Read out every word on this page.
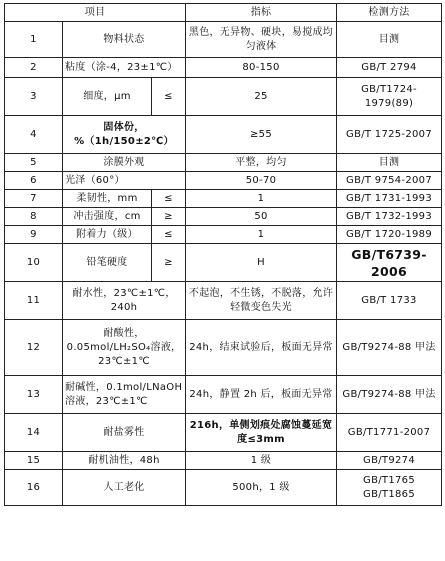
项目			指标	检测方法
1	物料状态		黑色，无异物、硬块，易搅成均匀液体	目测
2	粘度（涂-4，23±1℃）		80-150	GB/T 2794
3	细度，μm	≤	25	GB/T1724-1979(89)
4	固体份，%（1h/150±2℃）		≥55	GB/T 1725-2007
5	涂膜外观		平整，均匀	目测
6	光泽（60°）		50-70	GB/T 9754-2007
7	柔韧性，mm	≤	1	GB/T 1731-1993
8	冲击强度，cm	≥	50	GB/T 1732-1993
9	附着力（级）	≤	1	GB/T 1720-1989
10	铅笔硬度	≥	H	GB/T6739-2006
11	耐水性，23℃±1℃，240h		不起泡，不生锈，不脱落，允许轻微变色失光	GB/T 1733
12	耐酸性，0.05mol/LH₂SO₄溶液，23℃±1℃		24h，结束试验后，板面无异常	GB/T9274-88 甲法
13	耐碱性，0.1mol/LNaOH溶液，23℃±1℃		24h，静置 2h 后，板面无异常	GB/T9274-88 甲法
14	耐盐雾性		216h，单侧划痕处腐蚀蔓延宽度≤3mm	GB/T1771-2007
15	耐机油性，48h		1 级	GB/T9274
16	人工老化		500h，1 级	GB/T1765 GB/T1865
